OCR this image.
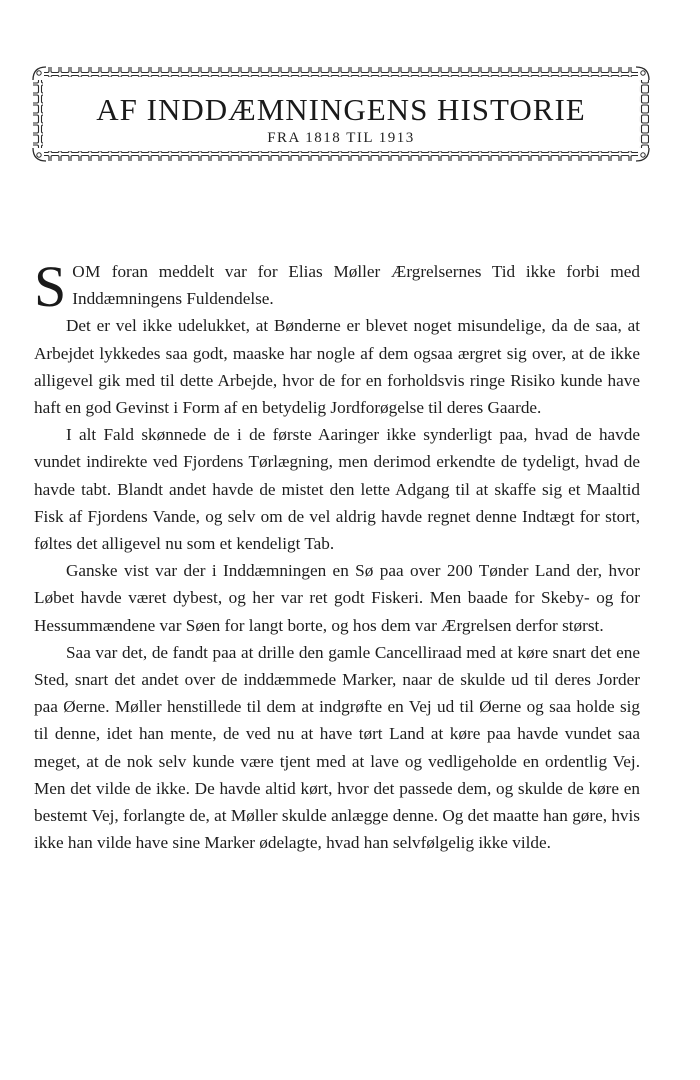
AF INDDÆMNINGENS HISTORIE
FRA 1818 TIL 1913

SOM foran meddelt var for Elias Møller Ærgrelsernes Tid ikke forbi med Inddæmningens Fuldendelse.

Det er vel ikke udelukket, at Bønderne er blevet noget misundelige, da de saa, at Arbejdet lykkedes saa godt, maaske har nogle af dem ogsaa ærgret sig over, at de ikke alligevel gik med til dette Arbejde, hvor de for en forholdsvis ringe Risiko kunde have haft en god Gevinst i Form af en betydelig Jordforøgelse til deres Gaarde.

I alt Fald skønnede de i de første Aaringer ikke synderligt paa, hvad de havde vundet indirekte ved Fjordens Tørlægning, men derimod erkendte de tydeligt, hvad de havde tabt. Blandt andet havde de mistet den lette Adgang til at skaffe sig et Maaltid Fisk af Fjordens Vande, og selv om de vel aldrig havde regnet denne Indtægt for stort, føltes det alligevel nu som et kendeligt Tab.

Ganske vist var der i Inddæmningen en Sø paa over 200 Tønder Land der, hvor Løbet havde været dybest, og her var ret godt Fiskeri. Men baade for Skeby- og for Hessummændene var Søen for langt borte, og hos dem var Ærgrelsen derfor størst.

Saa var det, de fandt paa at drille den gamle Cancelliraad med at køre snart det ene Sted, snart det andet over de inddæmmede Marker, naar de skulde ud til deres Jorder paa Øerne. Møller henstillede til dem at indgrøfte en Vej ud til Øerne og saa holde sig til denne, idet han mente, de ved nu at have tørt Land at køre paa havde vundet saa meget, at de nok selv kunde være tjent med at lave og vedligeholde en ordentlig Vej. Men det vilde de ikke. De havde altid kørt, hvor det passede dem, og skulde de køre en bestemt Vej, forlangte de, at Møller skulde anlægge denne. Og det maatte han gøre, hvis ikke han vilde have sine Marker ødelagte, hvad han selvfølgelig ikke vilde.
